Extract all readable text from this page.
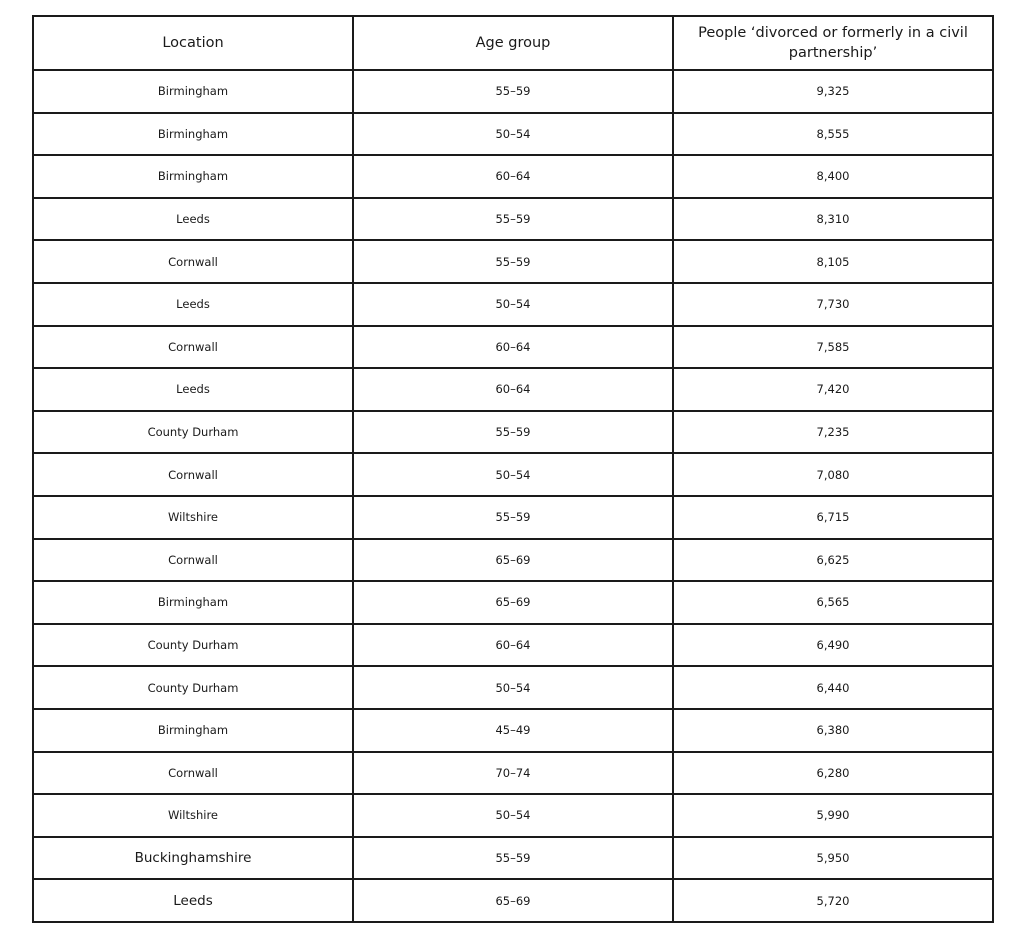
Location	Age group	People ‘divorced or formerly in a civil partnership’
Birmingham	55–59	9,325
Birmingham	50–54	8,555
Birmingham	60–64	8,400
Leeds	55–59	8,310
Cornwall	55–59	8,105
Leeds	50–54	7,730
Cornwall	60–64	7,585
Leeds	60–64	7,420
County Durham	55–59	7,235
Cornwall	50–54	7,080
Wiltshire	55–59	6,715
Cornwall	65–69	6,625
Birmingham	65–69	6,565
County Durham	60–64	6,490
County Durham	50–54	6,440
Birmingham	45–49	6,380
Cornwall	70–74	6,280
Wiltshire	50–54	5,990
Buckinghamshire	55–59	5,950
Leeds	65–69	5,720
